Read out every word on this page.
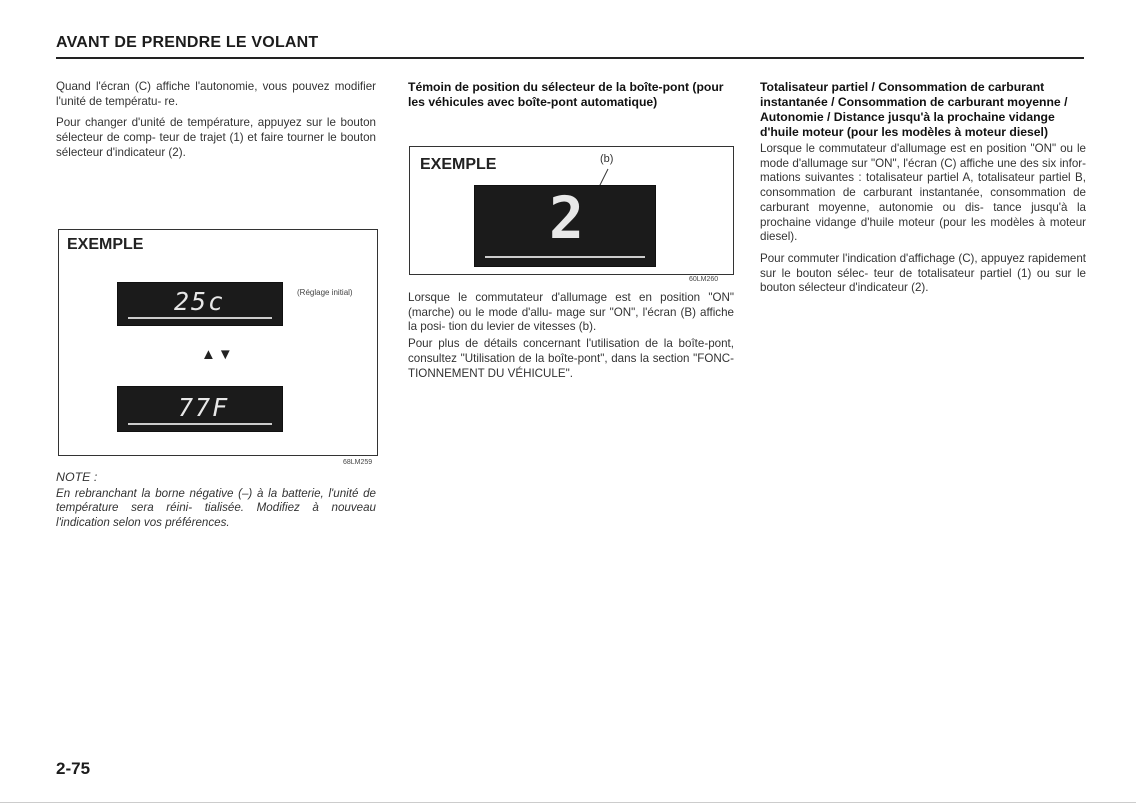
AVANT DE PRENDRE LE VOLANT

Quand l'écran (C) affiche l'autonomie, vous pouvez modifier l'unité de températu- re.

Pour changer d'unité de température, appuyez sur le bouton sélecteur de comp- teur de trajet (1) et faire tourner le bouton sélecteur d'indicateur (2).

EXEMPLE
25c	(Réglage initial)
▲▼
77F
68LM259

NOTE :

En rebranchant la borne négative (–) à la batterie, l'unité de température sera réini- tialisée. Modifiez à nouveau l'indication selon vos préférences.

Témoin de position du sélecteur de la boîte-pont (pour les véhicules avec boîte-pont automatique)

EXEMPLE	(b)
2
60LM260

Lorsque le commutateur d'allumage est en position "ON" (marche) ou le mode d'allu- mage sur "ON", l'écran (B) affiche la posi- tion du levier de vitesses (b).

Pour plus de détails concernant l'utilisation de la boîte-pont, consultez "Utilisation de la boîte-pont", dans la section "FONC- TIONNEMENT DU VÉHICULE".

Totalisateur partiel / Consommation de carburant instantanée / Consommation de carburant moyenne / Autonomie / Distance jusqu'à la prochaine vidange d'huile moteur (pour les modèles à moteur diesel)

Lorsque le commutateur d'allumage est en position "ON" ou le mode d'allumage sur "ON", l'écran (C) affiche une des six infor- mations suivantes : totalisateur partiel A, totalisateur partiel B, consommation de carburant instantanée, consommation de carburant moyenne, autonomie ou dis- tance jusqu'à la prochaine vidange d'huile moteur (pour les modèles à moteur diesel).

Pour commuter l'indication d'affichage (C), appuyez rapidement sur le bouton sélec- teur de totalisateur partiel (1) ou sur le bouton sélecteur d'indicateur (2).

2-75
